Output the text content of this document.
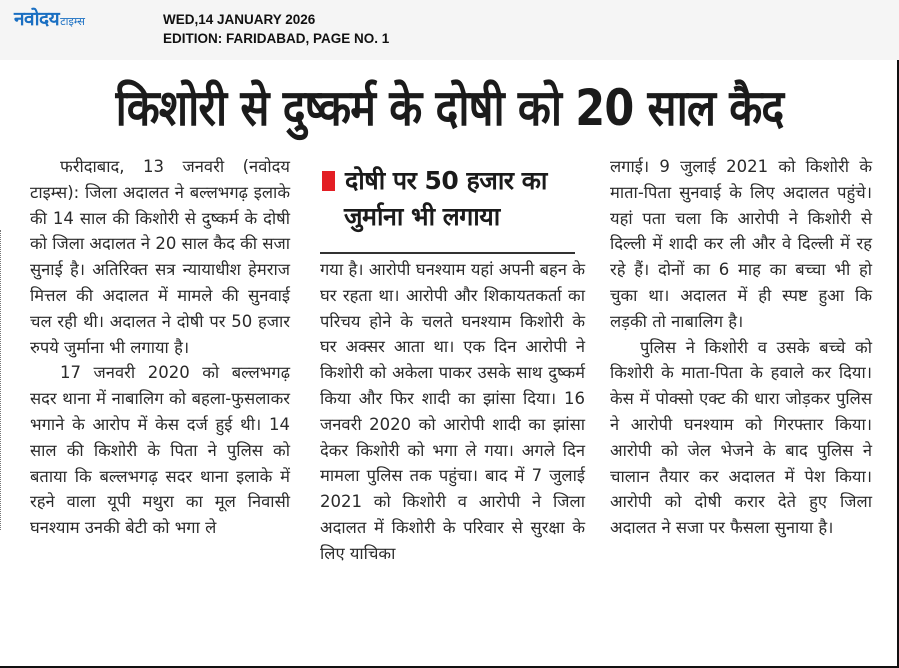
नवोदय टाइम्स	WED,14 JANUARY 2026
EDITION: FARIDABAD, PAGE NO. 1
किशोरी से दुष्कर्म के दोषी को 20 साल कैद

फरीदाबाद, 13 जनवरी (नवोदय टाइम्स): जिला अदालत ने बल्लभगढ़ इलाके की 14 साल की किशोरी से दुष्कर्म के दोषी को जिला अदालत ने 20 साल कैद की सजा सुनाई है। अतिरिक्त सत्र न्यायाधीश हेमराज मित्तल की अदालत में मामले की सुनवाई चल रही थी। अदालत ने दोषी पर 50 हजार रुपये जुर्माना भी लगाया है।

17 जनवरी 2020 को बल्लभगढ़ सदर थाना में नाबालिग को बहला-फुसलाकर भगाने के आरोप में केस दर्ज हुई थी। 14 साल की किशोरी के पिता ने पुलिस को बताया कि बल्लभगढ़ सदर थाना इलाके में रहने वाला यूपी मथुरा का मूल निवासी घनश्याम उनकी बेटी को भगा ले

दोषी पर 50 हजार का
जुर्माना भी लगाया

गया है। आरोपी घनश्याम यहां अपनी बहन के घर रहता था। आरोपी और शिकायतकर्ता का परिचय होने के चलते घनश्याम किशोरी के घर अक्सर आता था। एक दिन आरोपी ने किशोरी को अकेला पाकर उसके साथ दुष्कर्म किया और फिर शादी का झांसा दिया। 16 जनवरी 2020 को आरोपी शादी का झांसा देकर किशोरी को भगा ले गया। अगले दिन मामला पुलिस तक पहुंचा। बाद में 7 जुलाई 2021 को किशोरी व आरोपी ने जिला अदालत में किशोरी के परिवार से सुरक्षा के लिए याचिका

लगाई। 9 जुलाई 2021 को किशोरी के माता-पिता सुनवाई के लिए अदालत पहुंचे। यहां पता चला कि आरोपी ने किशोरी से दिल्ली में शादी कर ली और वे दिल्ली में रह रहे हैं। दोनों का 6 माह का बच्चा भी हो चुका था। अदालत में ही स्पष्ट हुआ कि लड़की तो नाबालिग है।

पुलिस ने किशोरी व उसके बच्चे को किशोरी के माता-पिता के हवाले कर दिया। केस में पोक्सो एक्ट की धारा जोड़कर पुलिस ने आरोपी घनश्याम को गिरफ्तार किया। आरोपी को जेल भेजने के बाद पुलिस ने चालान तैयार कर अदालत में पेश किया। आरोपी को दोषी करार देते हुए जिला अदालत ने सजा पर फैसला सुनाया है।
